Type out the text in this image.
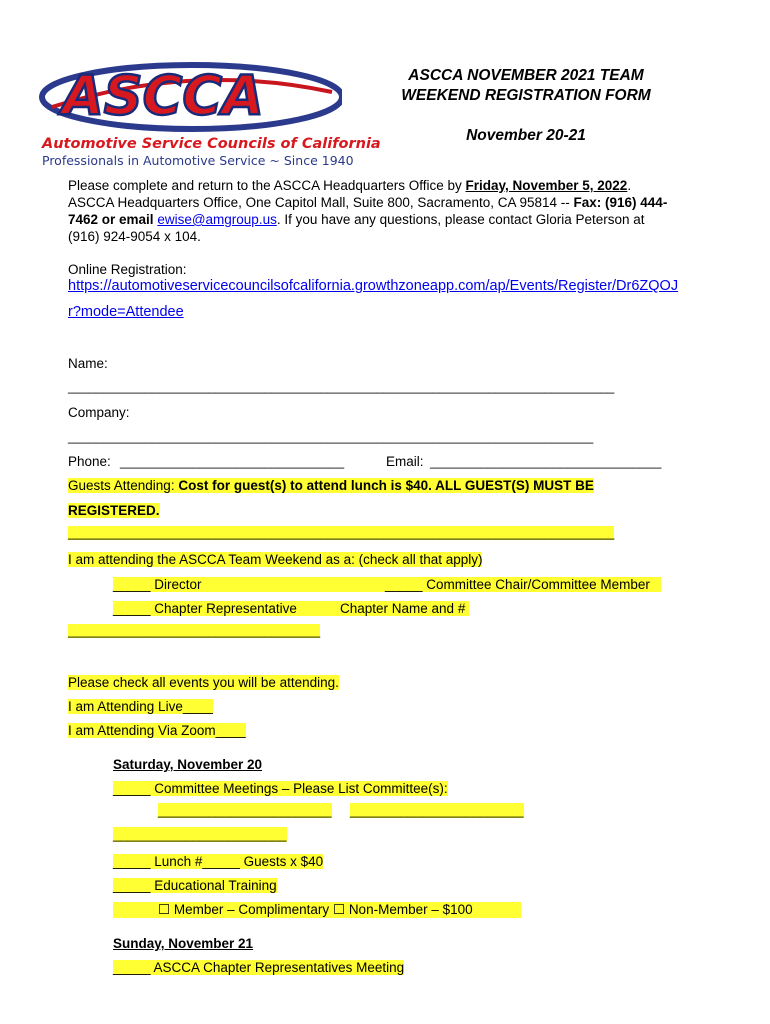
ASCCA
Automotive Service Councils of California
Professionals in Automotive Service ~ Since 1940
ASCCA NOVEMBER 2021 TEAM
WEEKEND REGISTRATION FORM
November 20-21
Please complete and return to the ASCCA Headquarters Office by Friday, November 5, 2022.
ASCCA Headquarters Office, One Capitol Mall, Suite 800, Sacramento, CA 95814 -- Fax: (916) 444-
7462 or email ewise@amgroup.us. If you have any questions, please contact Gloria Peterson at
(916) 924-9054 x 104.
Online Registration:
https://automotiveservicecouncilsofcalifornia.growthzoneapp.com/ap/Events/Register/Dr6ZQOJ
r?mode=Attendee
Name:
______________________________________________________________________________
Company:
___________________________________________________________________________
Phone: _______________________________	Email: ________________________________
Guests Attending: Cost for guest(s) to attend lunch is $40. ALL GUEST(S) MUST BE
REGISTERED.
______________________________________________________________________________
I am attending the ASCCA Team Weekend as a: (check all that apply)
_____ Director	_____ Committee Chair/Committee Member
_____ Chapter Representative	Chapter Name and #
____________________________________
Please check all events you will be attending.
I am Attending Live____
I am Attending Via Zoom____
Saturday, November 20
_____ Committee Meetings – Please List Committee(s):
________________________ ________________________
________________________
_____ Lunch #_____ Guests x $40
_____ Educational Training
☐ Member – Complimentary ☐ Non-Member – $100
Sunday, November 21
_____ ASCCA Chapter Representatives Meeting
